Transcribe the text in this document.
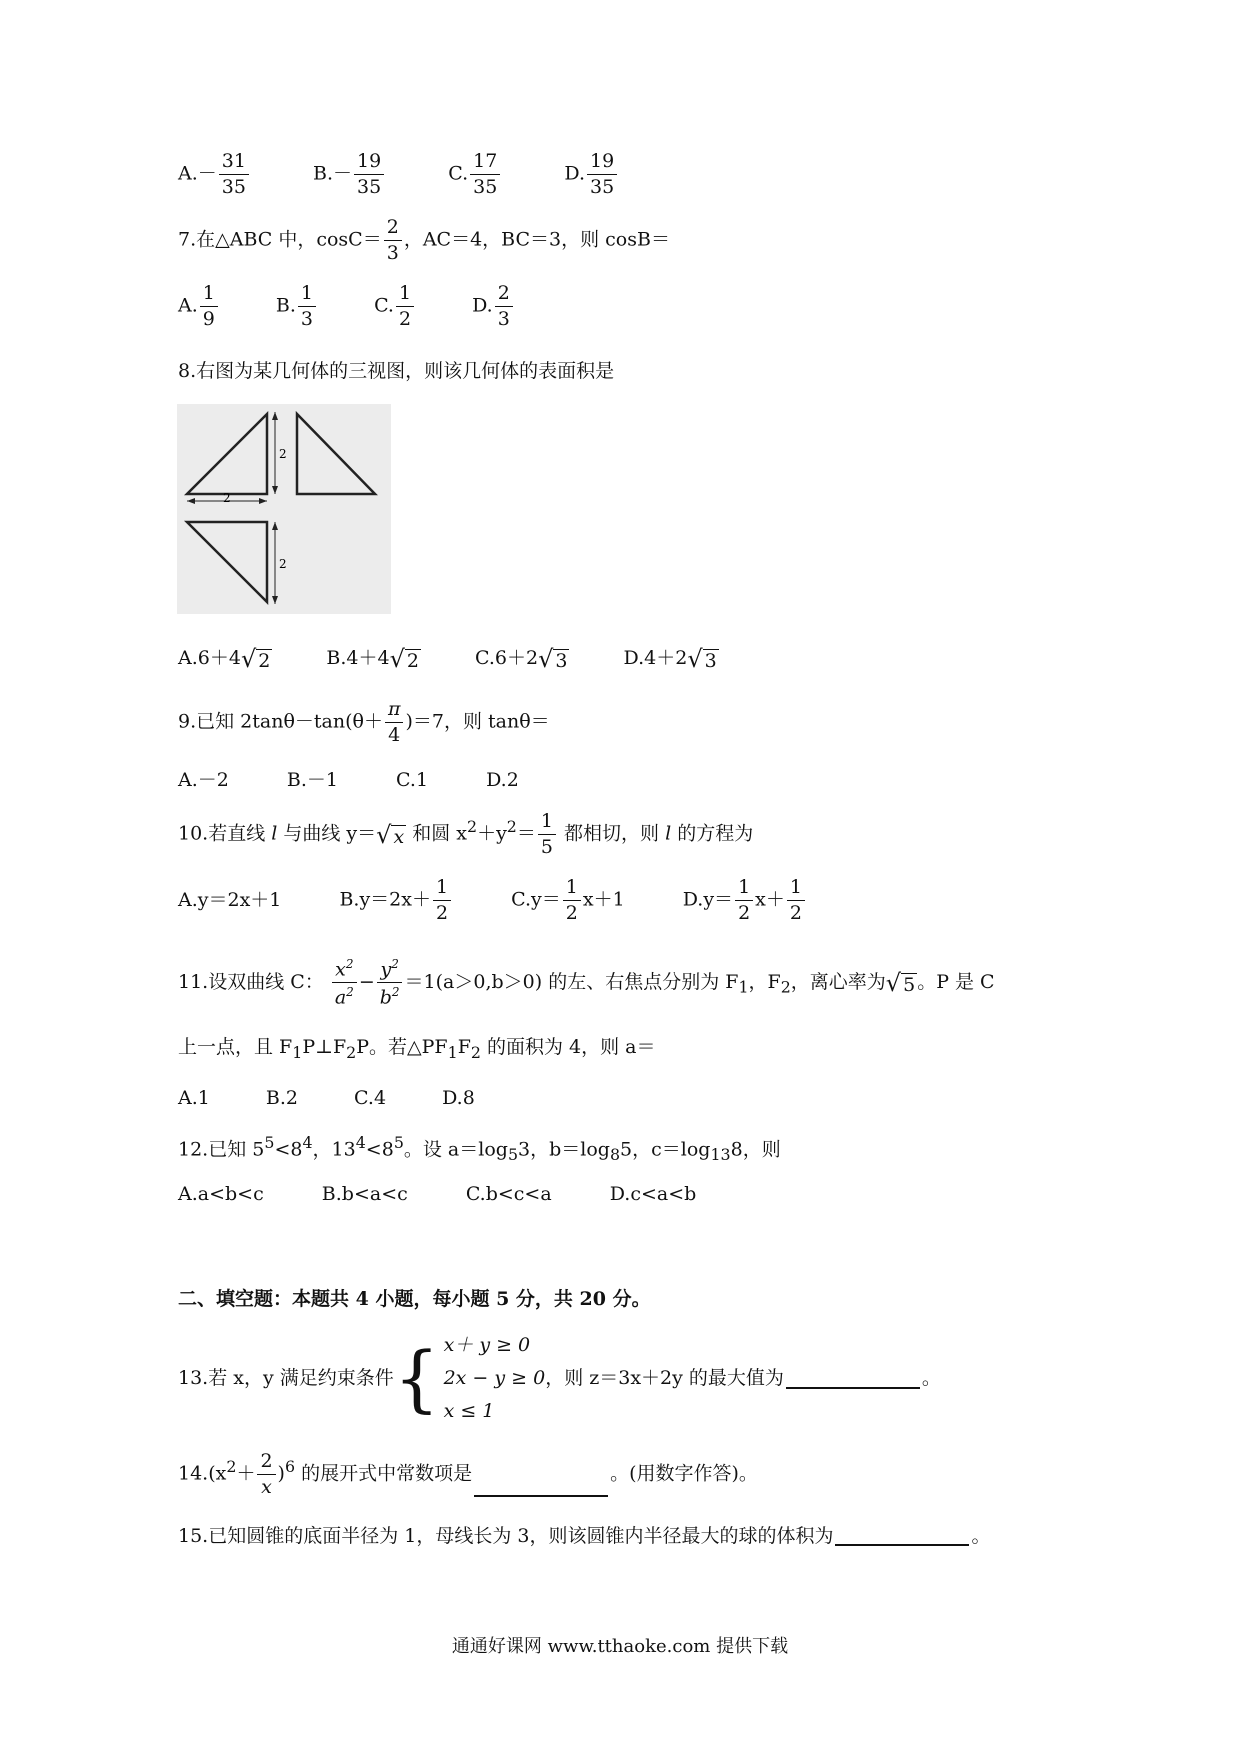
$A.- \frac{31}{35}$	$B.- \frac{19}{35}$	C. $\frac{17}{35}$	D. $\frac{19}{35}$
7.在△ABC 中，$\cos C= \frac{2}{3}$ ，AC＝4，BC＝3，则 cosB＝
A. $\frac{1}{9}$	B. $\frac{1}{3}$	C. $\frac{1}{2}$	D. $\frac{2}{3}$
8.右图为某几何体的三视图，则该几何体的表面积是
2
2
2
A.6＋4√ 2	B.4＋4√ 2	C.6＋2√ 3	D.4＋2√ 3
9.已知 $2\tan\theta-\tan(\theta+ \frac{\pi}{4} )=7$，则 tanθ＝
A.－2	B.－1	C.1	D.2
10.若直线 l 与曲线 y＝√ x 和圆 $x^2+y^2= \frac{1}{5}$ 都相切，则 l 的方程为
A.y＝2x＋1	$B.y=2x+ \frac{1}{2}$	$C.y= \frac{1}{2} x+1$	$D.y= \frac{1}{2} x+ \frac{1}{2}$
11.设双曲线 C： $\frac{x^2}{a^2} - \frac{y^2}{b^2} =1(a>0,b>0)$ 的左、右焦点分别为 $F_1$，$F_2$，离心率为√ 5 。P 是 C
上一点，且 $F_1P\perp F_2P$。若$\triangle PF_1F_2$ 的面积为 4，则 a＝
A.1	B.2	C.4	D.8
12.已知 $5^5<8^4$，$13^4<8^5$。设 $a=\log_53$，$b=\log_85$，$c=\log_{13}8$，则
A.a<b<c	B.b<a<c	C.b<c<a	D.c<a<b
二、填空题：本题共 4 小题，每小题 5 分，共 20 分。
13.若 x，y 满足约束条件 { x＋ y ≥ 0
2x − y ≥ 0
x ≤ 1
，则 z＝3x＋2y 的最大值为	。
$14.(x^2+ \frac{2}{x} )^6$ 的展开式中常数项是	。(用数字作答)。
15.已知圆锥的底面半径为 1，母线长为 3，则该圆锥内半径最大的球的体积为	。
通通好课网 www.tthaoke.com 提供下载
